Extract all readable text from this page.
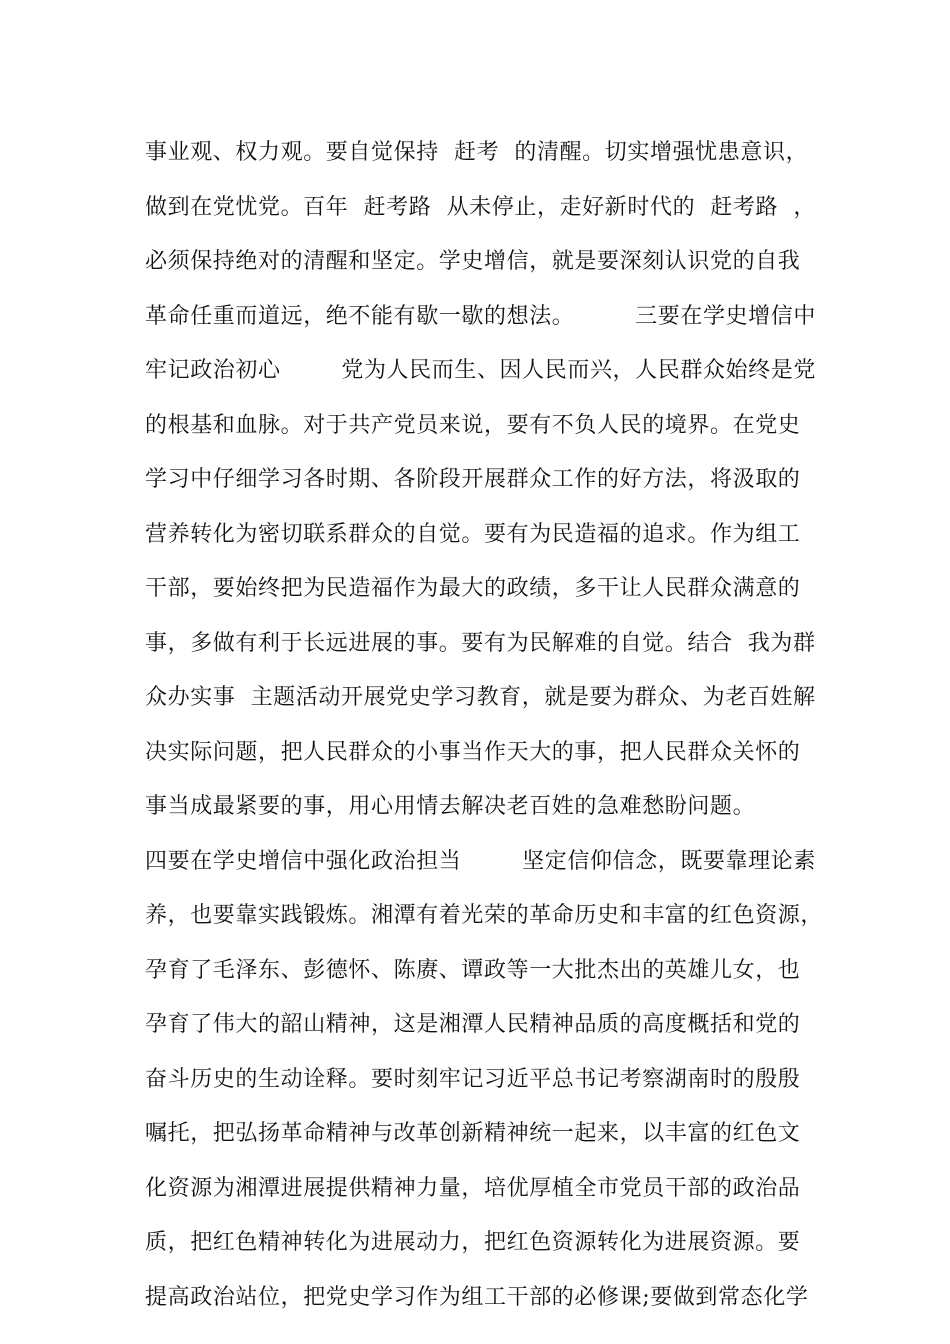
事业观、权力观。要自觉保持  赶考  的清醒。切实增强忧患意识，
做到在党忧党。百年  赶考路  从未停止，走好新时代的  赶考路  ，
必须保持绝对的清醒和坚定。学史增信，就是要深刻认识党的自我
革命任重而道远，绝不能有歇一歇的想法。        三要在学史增信中
牢记政治初心        党为人民而生、因人民而兴，人民群众始终是党
的根基和血脉。对于共产党员来说，要有不负人民的境界。在党史
学习中仔细学习各时期、各阶段开展群众工作的好方法，将汲取的
营养转化为密切联系群众的自觉。要有为民造福的追求。作为组工
干部，要始终把为民造福作为最大的政绩，多干让人民群众满意的
事，多做有利于长远进展的事。要有为民解难的自觉。结合  我为群
众办实事  主题活动开展党史学习教育，就是要为群众、为老百姓解
决实际问题，把人民群众的小事当作天大的事，把人民群众关怀的
事当成最紧要的事，用心用情去解决老百姓的急难愁盼问题。
四要在学史增信中强化政治担当        坚定信仰信念，既要靠理论素
养，也要靠实践锻炼。湘潭有着光荣的革命历史和丰富的红色资源，
孕育了毛泽东、彭德怀、陈赓、谭政等一大批杰出的英雄儿女，也
孕育了伟大的韶山精神，这是湘潭人民精神品质的高度概括和党的
奋斗历史的生动诠释。要时刻牢记习近平总书记考察湖南时的殷殷
嘱托，把弘扬革命精神与改革创新精神统一起来，以丰富的红色文
化资源为湘潭进展提供精神力量，培优厚植全市党员干部的政治品
质，把红色精神转化为进展动力，把红色资源转化为进展资源。要
提高政治站位，把党史学习作为组工干部的必修课;要做到常态化学
